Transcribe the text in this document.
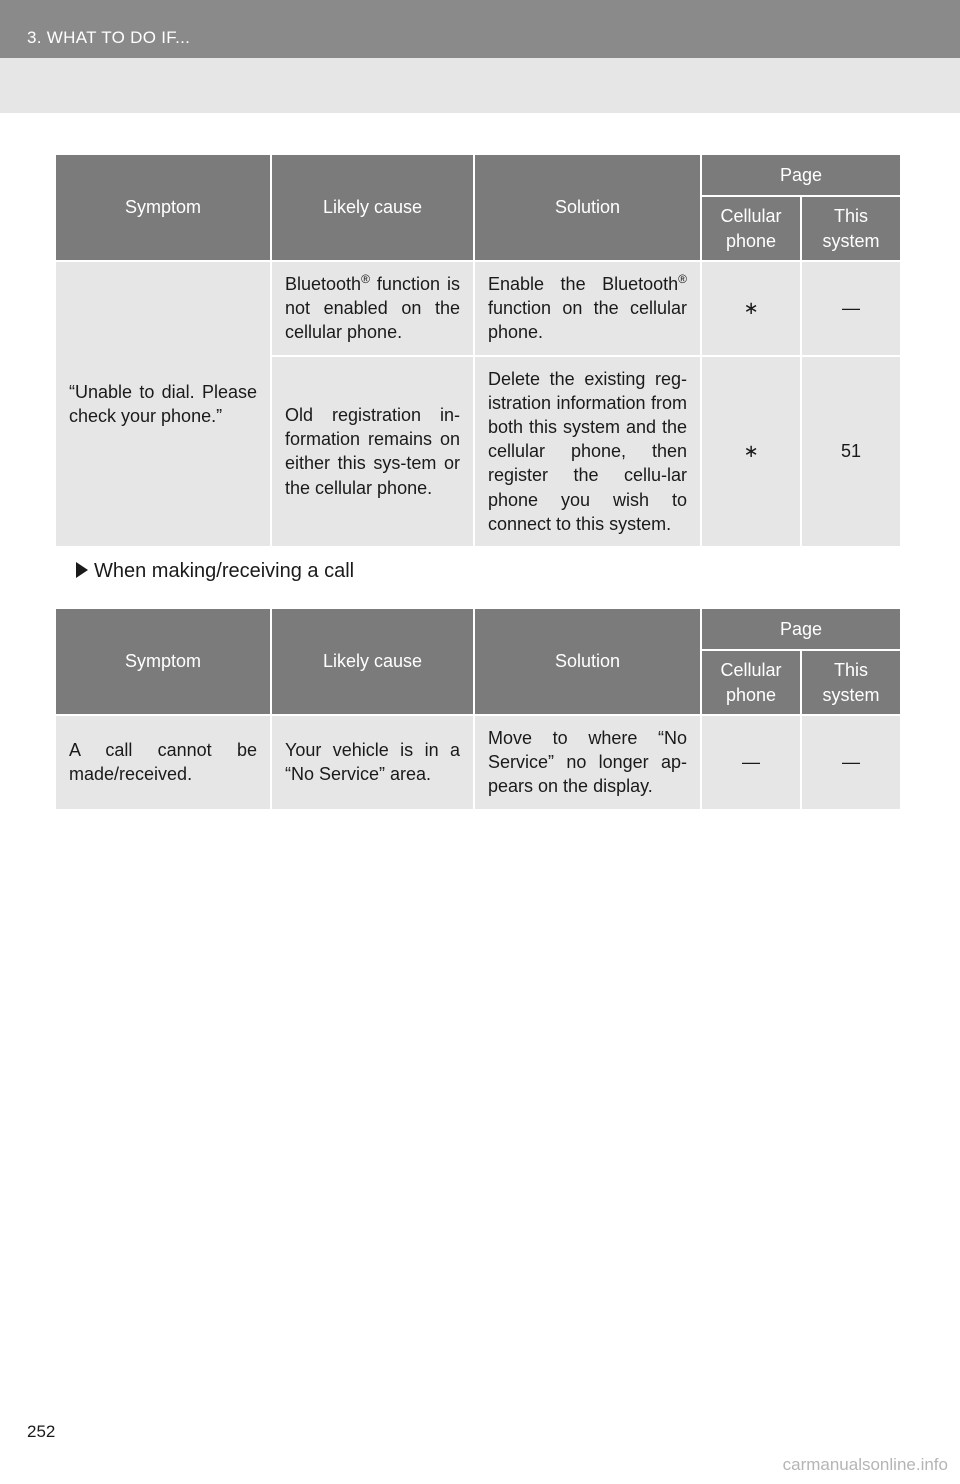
3. WHAT TO DO IF...
Symptom	Likely cause	Solution	Page	
			Cellular phone	This system
“Unable to dial. Please check your phone.”	Bluetooth® function is not enabled on the cellular phone.	Enable the Bluetooth® function on the cellular phone.	∗	—
	Old registration in-formation remains on either this sys-tem or the cellular phone.	Delete the existing reg-istration information from both this system and the cellular phone, then register the cellu-lar phone you wish to connect to this system.	∗	51
When making/receiving a call
Symptom	Likely cause	Solution	Page	
			Cellular phone	This system
A call cannot be made/received.	Your vehicle is in a “No Service” area.	Move to where “No Service” no longer ap-pears on the display.	—	—
252
carmanualsonline.info
